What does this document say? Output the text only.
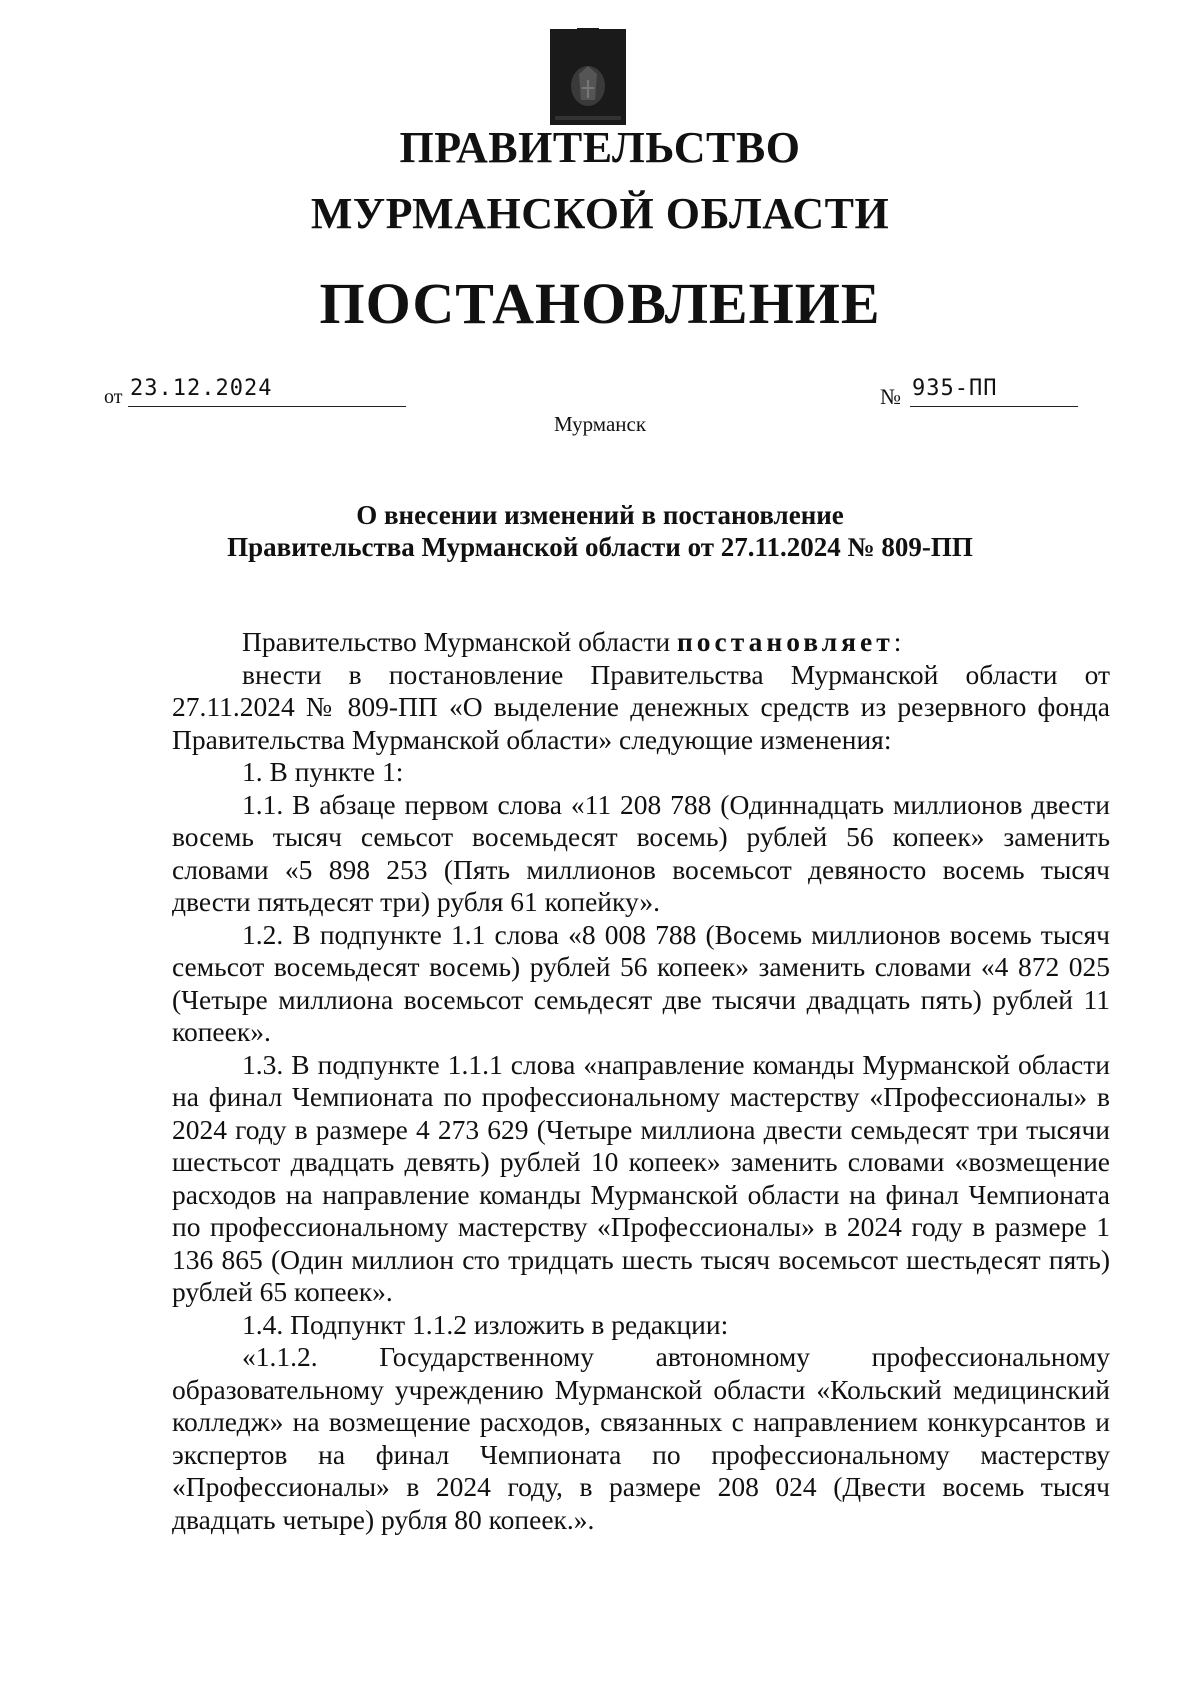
ПРАВИТЕЛЬСТВО
МУРМАНСКОЙ ОБЛАСТИ
ПОСТАНОВЛЕНИЕ
от 23.12.2024	№ 935-ПП
Мурманск
О внесении изменений в постановление
Правительства Мурманской области от 27.11.2024 № 809-ПП

Правительство Мурманской области постановляет:

внести в постановление Правительства Мурманской области от 27.11.2024 № 809-ПП «О выделение денежных средств из резервного фонда Правительства Мурманской области» следующие изменения:

1. В пункте 1:

1.1. В абзаце первом слова «11 208 788 (Одиннадцать миллионов двести восемь тысяч семьсот восемьдесят восемь) рублей 56 копеек» заменить словами «5 898 253 (Пять миллионов восемьсот девяносто восемь тысяч двести пятьдесят три) рубля 61 копейку».

1.2. В подпункте 1.1 слова «8 008 788 (Восемь миллионов восемь тысяч семьсот восемьдесят восемь) рублей 56 копеек» заменить словами «4 872 025 (Четыре миллиона восемьсот семьдесят две тысячи двадцать пять) рублей 11 копеек».

1.3. В подпункте 1.1.1 слова «направление команды Мурманской области на финал Чемпионата по профессиональному мастерству «Профессионалы» в 2024 году в размере 4 273 629 (Четыре миллиона двести семьдесят три тысячи шестьсот двадцать девять) рублей 10 копеек» заменить словами «возмещение расходов на направление команды Мурманской области на финал Чемпионата по профессиональному мастерству «Профессионалы» в 2024 году в размере 1 136 865 (Один миллион сто тридцать шесть тысяч восемьсот шестьдесят пять) рублей 65 копеек».

1.4. Подпункт 1.1.2 изложить в редакции:

«1.1.2. Государственному автономному профессиональному образовательному учреждению Мурманской области «Кольский медицинский колледж» на возмещение расходов, связанных с направлением конкурсантов и экспертов на финал Чемпионата по профессиональному мастерству «Профессионалы» в 2024 году, в размере 208 024 (Двести восемь тысяч двадцать четыре) рубля 80 копеек.».
